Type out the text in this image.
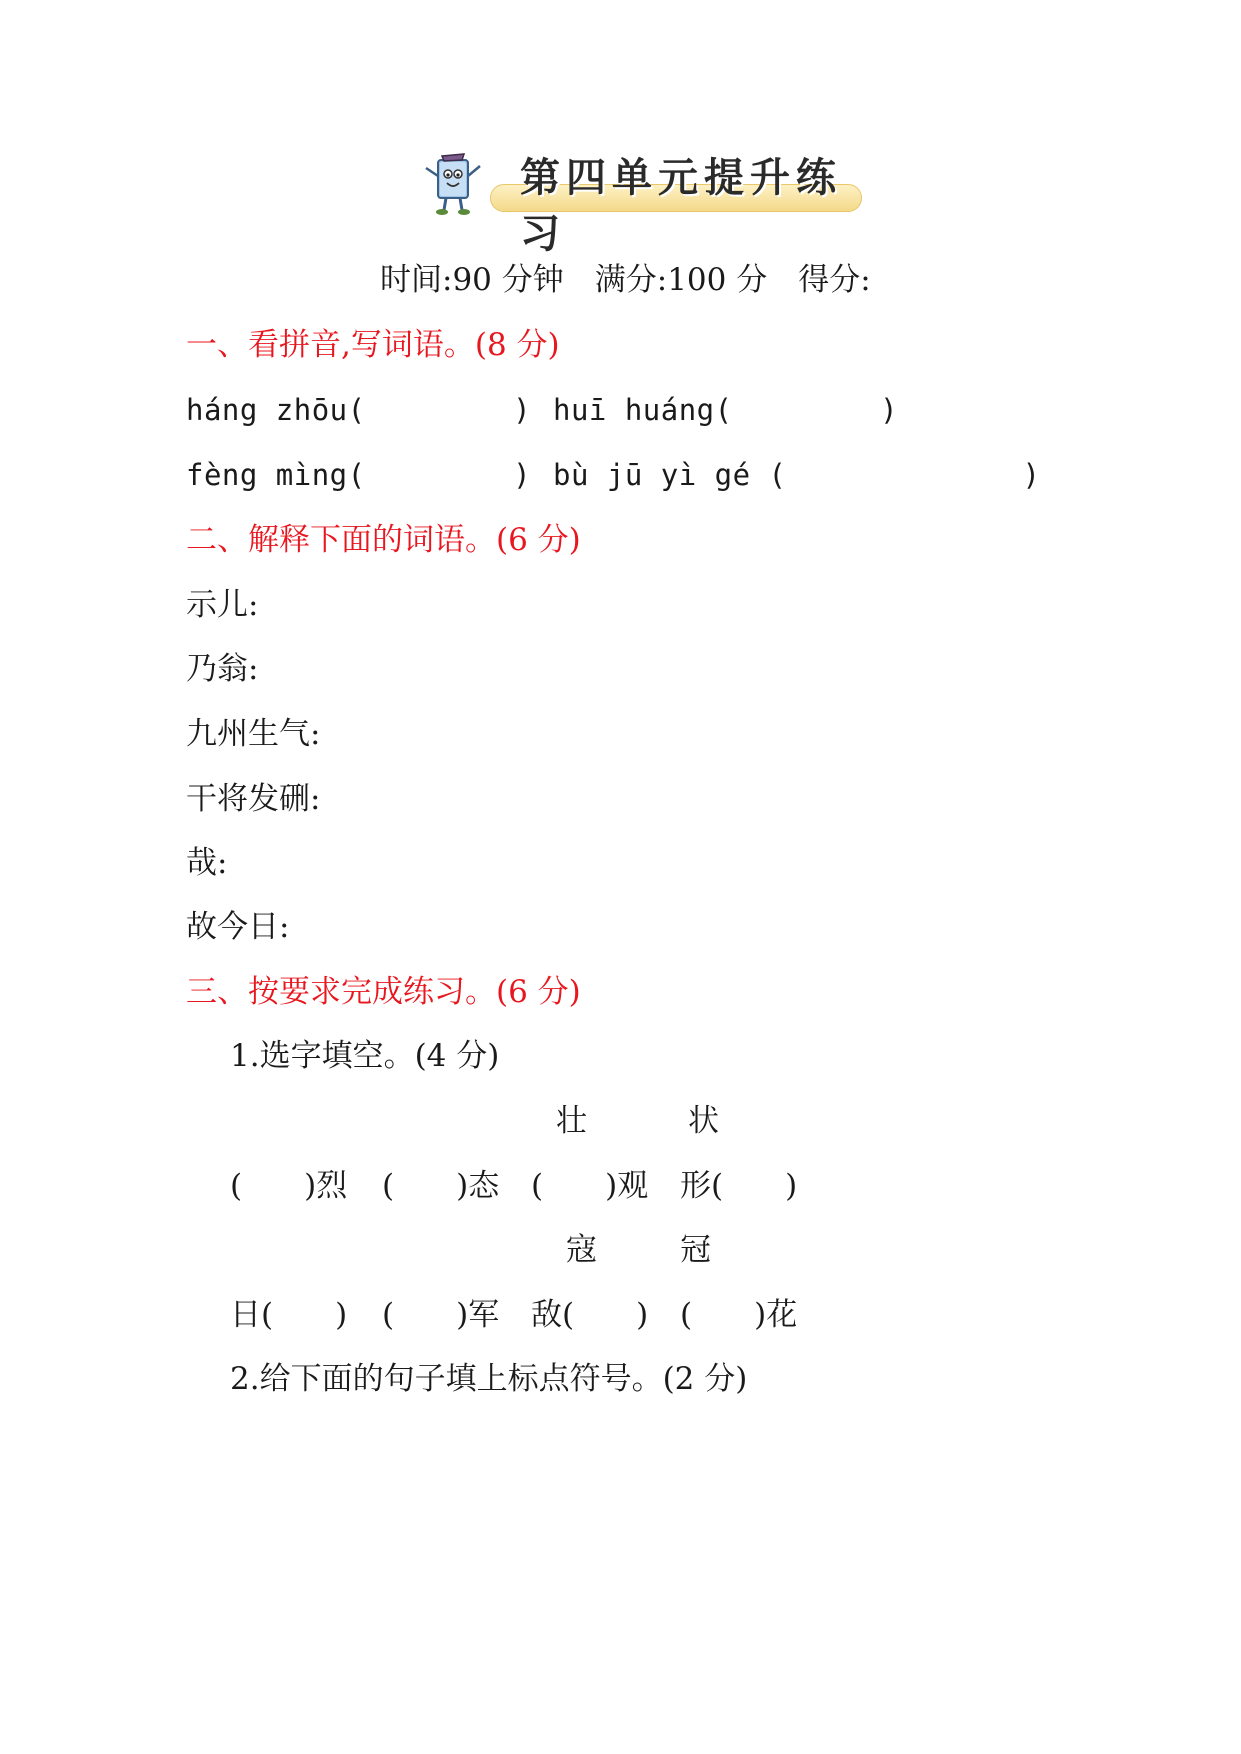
第四单元提升练习
时间:90 分钟　满分:100 分　得分:
一、看拼音,写词语。(8 分)
háng zhōu(　　　　　) huī huáng(　　　　　)
fèng mìng(　　　　　) bù jū yì gé (　　　　　　　　)
二、解释下面的词语。(6 分)
示儿:
乃翁:
九州生气:
干将发硎:
哉:
故今日:
三、按要求完成练习。(6 分)
1.选字填空。(4 分)
壮	状
(　　)烈 (　　)态 (　　)观 形(　　)
寇	冠
日(　　) (　　)军 敌(　　) (　　)花
2.给下面的句子填上标点符号。(2 分)
